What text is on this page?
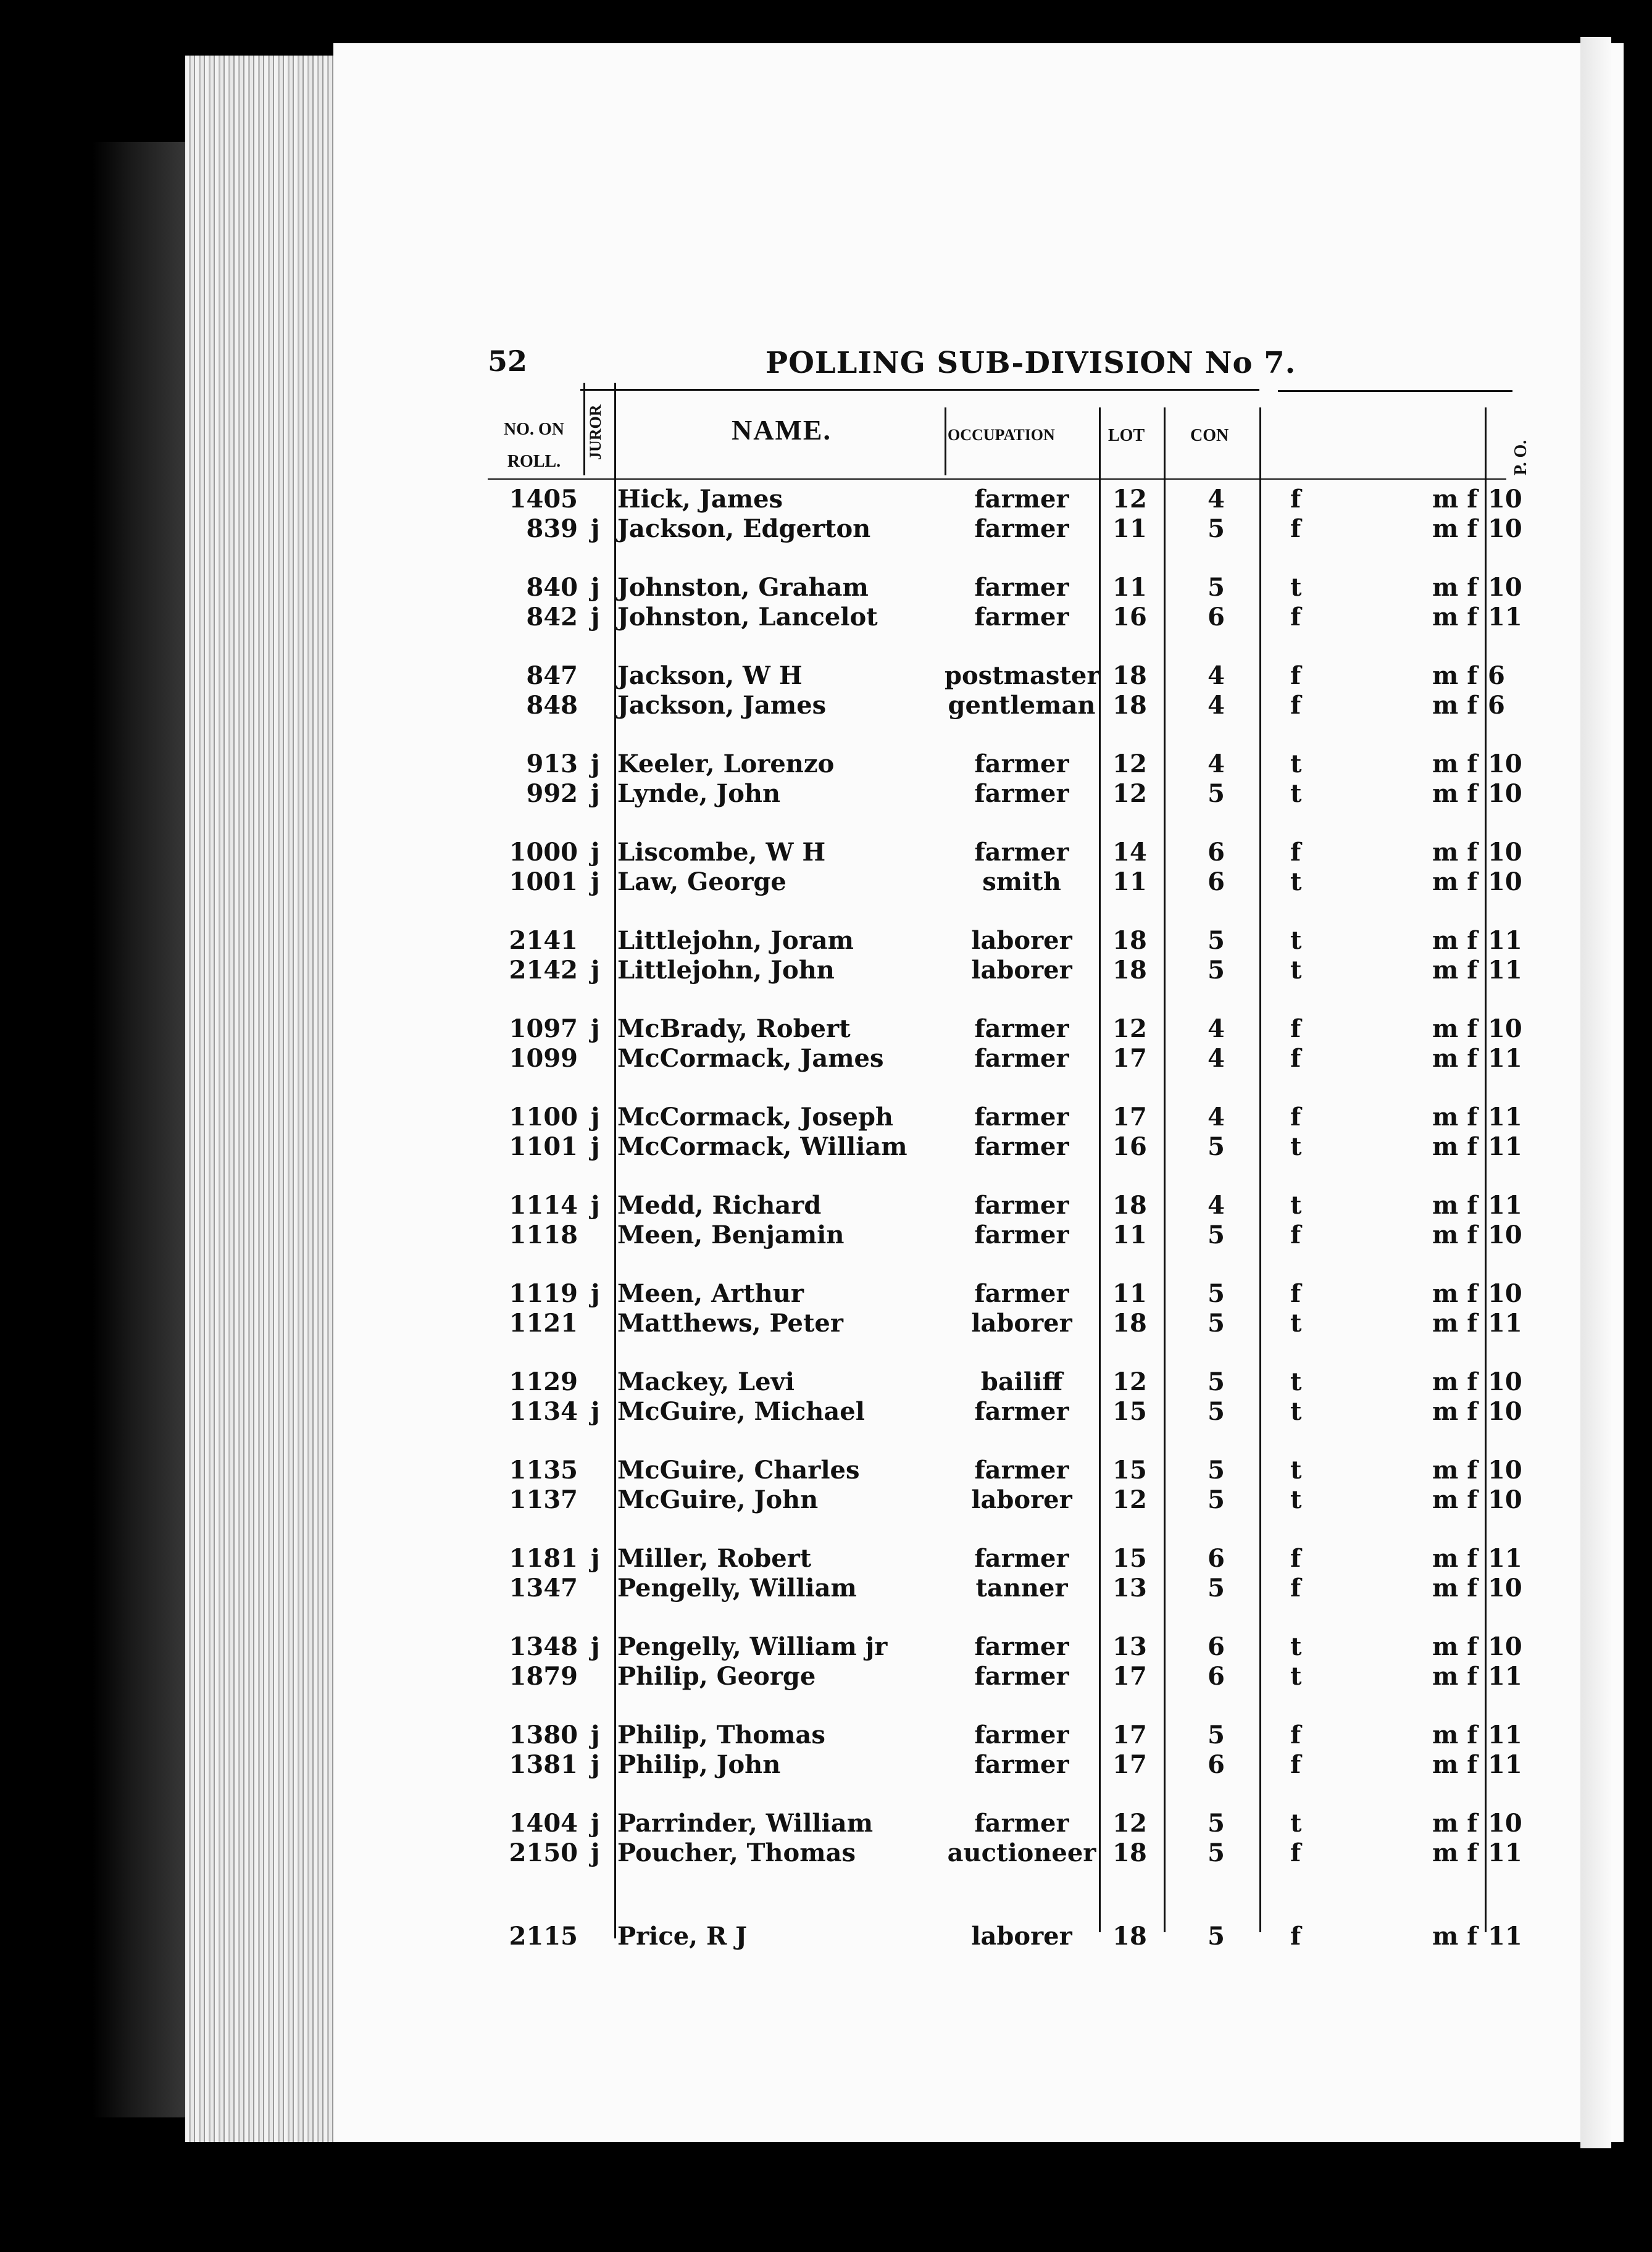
52	POLLING SUB-DIVISION No 7.
NO. ON ROLL.
JUROR	NAME.	OCCUPATION	LOT	CON
P. O.
1405 Hick, James	farmer	12 4	f	m f 10
839 j Jackson, Edgerton	farmer	11 5	f	m f 10
840 j Johnston, Graham	farmer	11 5	t	m f 10
842 j Johnston, Lancelot	farmer	16 6	f	m f 11
847 Jackson, W H	postmaster 18 4	f	m f 6
848 Jackson, James	gentleman 18 4	f	m f 6
913 j Keeler, Lorenzo	farmer	12 4	t	m f 10
992 j Lynde, John	farmer	12 5	t	m f 10
1000 j Liscombe, W H	farmer	14 6	f	m f 10
1001 j Law, George	smith	11 6	t	m f 10
2141 Littlejohn, Joram	laborer	18 5	t	m f 11
2142 j Littlejohn, John	laborer	18 5	t	m f 11
1097 j McBrady, Robert	farmer	12 4	f	m f 10
1099 McCormack, James	farmer	17 4	f	m f 11
1100 j McCormack, Joseph	farmer	17 4	f	m f 11
1101 j McCormack, William	farmer	16 5	t	m f 11
1114 j Medd, Richard	farmer	18 4	t	m f 11
1118 Meen, Benjamin	farmer	11 5	f	m f 10
1119 j Meen, Arthur	farmer	11 5	f	m f 10
1121 Matthews, Peter	laborer	18 5	t	m f 11
1129 Mackey, Levi	bailiff	12 5	t	m f 10
1134 j McGuire, Michael	farmer	15 5	t	m f 10
1135 McGuire, Charles	farmer	15 5	t	m f 10
1137 McGuire, John	laborer	12 5	t	m f 10
1181 j Miller, Robert	farmer	15 6	f	m f 11
1347 Pengelly, William	tanner	13 5	f	m f 10
1348 j Pengelly, William jr	farmer	13 6	t	m f 10
1879 Philip, George	farmer	17 6	t	m f 11
1380 j Philip, Thomas	farmer	17 5	f	m f 11
1381 j Philip, John	farmer	17 6	f	m f 11
1404 j Parrinder, William	farmer	12 5	t	m f 10
2150 j Poucher, Thomas	auctioneer 18 5	f	m f 11
2115 Price, R J	laborer	18 5	f	m f 11
